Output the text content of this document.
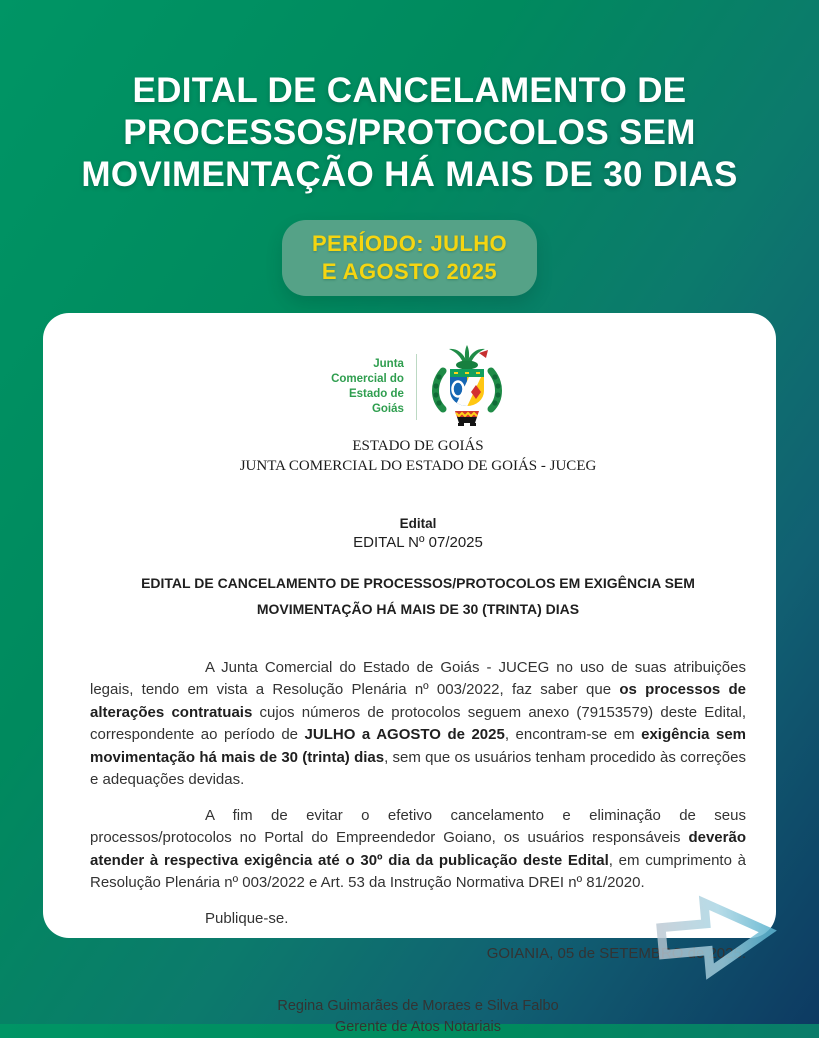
EDITAL DE CANCELAMENTO DE
PROCESSOS/PROTOCOLOS SEM
MOVIMENTAÇÃO HÁ MAIS DE 30 DIAS
PERÍODO: JULHO
E AGOSTO 2025
Junta
Comercial do
Estado de
Goiás
ESTADO DE GOIÁS
JUNTA COMERCIAL DO ESTADO DE GOIÁS - JUCEG
Edital
EDITAL Nº 07/2025
EDITAL DE CANCELAMENTO DE PROCESSOS/PROTOCOLOS EM EXIGÊNCIA SEM MOVIMENTAÇÃO HÁ MAIS DE 30 (TRINTA) DIAS

A Junta Comercial do Estado de Goiás - JUCEG no uso de suas atribuições legais, tendo em vista a Resolução Plenária nº 003/2022, faz saber que os processos de alterações contratuais cujos números de protocolos seguem anexo (79153579) deste Edital, correspondente ao período de JULHO a AGOSTO de 2025, encontram-se em exigência sem movimentação há mais de 30 (trinta) dias, sem que os usuários tenham procedido às correções e adequações devidas.

A fim de evitar o efetivo cancelamento e eliminação de seus processos/protocolos no Portal do Empreendedor Goiano, os usuários responsáveis deverão atender à respectiva exigência até o 30º dia da publicação deste Edital, em cumprimento à Resolução Plenária nº 003/2022 e Art. 53 da Instrução Normativa DREI nº 81/2020.

Publique-se.

GOIANIA, 05 de SETEMBRO de 2025.

Regina Guimarães de Moraes e Silva Falbo
Gerente de Atos Notariais
